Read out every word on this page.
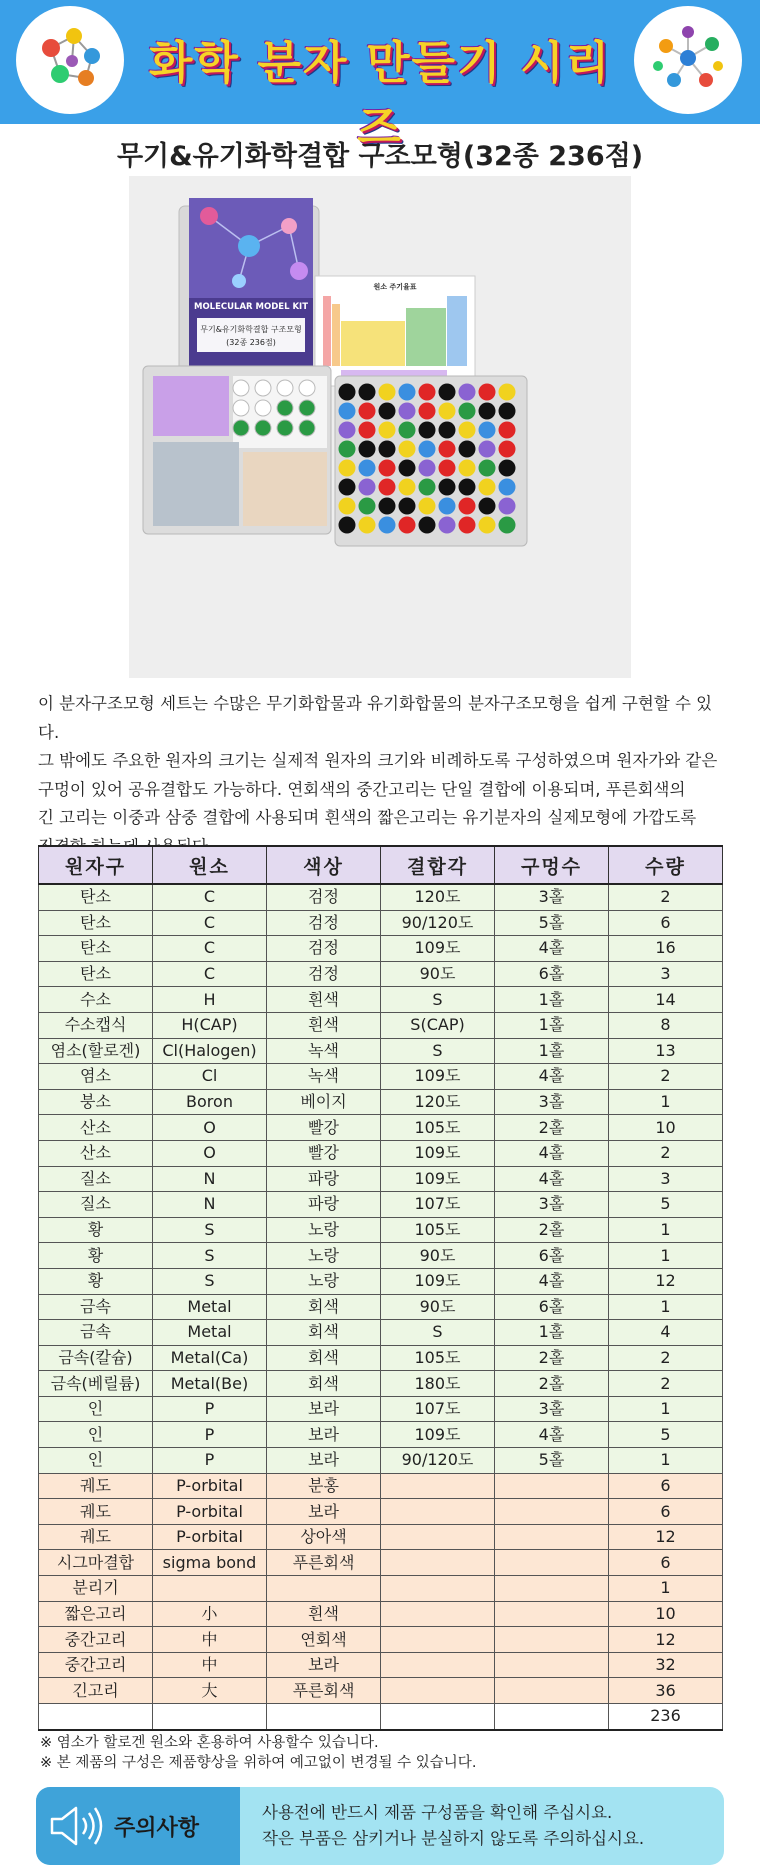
화학 분자 만들기 시리즈
무기&유기화학결합 구조모형(32종 236점)
MOLECULAR MODEL KIT
무기&유기화학결합 구조모형
(32종 236점)
원소 주기율표

이 분자구조모형 세트는 수많은 무기화합물과 유기화합물의 분자구조모형을 쉽게 구현할 수 있다.

그 밖에도 주요한 원자의 크기는 실제적 원자의 크기와 비례하도록 구성하였으며 원자가와 같은

구멍이 있어 공유결합도 가능하다. 연회색의 중간고리는 단일 결합에 이용되며, 푸른회색의

긴 고리는 이중과 삼중 결합에 사용되며 흰색의 짧은고리는 유기분자의 실제모형에 가깝도록

원자구	원소	색상	결합각	구멍수	수량
탄소	C	검정	120도	3홀	2
탄소	C	검정	90/120도	5홀	6
탄소	C	검정	109도	4홀	16
탄소	C	검정	90도	6홀	3
수소	H	흰색	S	1홀	14
수소캡식	H(CAP)	흰색	S(CAP)	1홀	8
염소(할로겐)	Cl(Halogen)	녹색	S	1홀	13
염소	Cl	녹색	109도	4홀	2
붕소	Boron	베이지	120도	3홀	1
산소	O	빨강	105도	2홀	10
산소	O	빨강	109도	4홀	2
질소	N	파랑	109도	4홀	3
질소	N	파랑	107도	3홀	5
황	S	노랑	105도	2홀	1
황	S	노랑	90도	6홀	1
황	S	노랑	109도	4홀	12
금속	Metal	회색	90도	6홀	1
금속	Metal	회색	S	1홀	4
금속(칼슘)	Metal(Ca)	회색	105도	2홀	2
금속(베릴륨)	Metal(Be)	회색	180도	2홀	2
인	P	보라	107도	3홀	1
인	P	보라	109도	4홀	5
인	P	보라	90/120도	5홀	1
궤도	P-orbital	분홍			6
궤도	P-orbital	보라			6
궤도	P-orbital	상아색			12
시그마결합	sigma bond	푸른회색			6
분리기					1
짧은고리	小	흰색			10
중간고리	中	연회색			12
중간고리	中	보라			32
긴고리	大	푸른회색			36
					236

※ 염소가 할로겐 원소와 혼용하여 사용할수 있습니다.

※ 본 제품의 구성은 제품향상을 위하여 예고없이 변경될 수 있습니다.

주의사항

사용전에 반드시 제품 구성품을 확인해 주십시요.

작은 부품은 삼키거나 분실하지 않도록 주의하십시요.
